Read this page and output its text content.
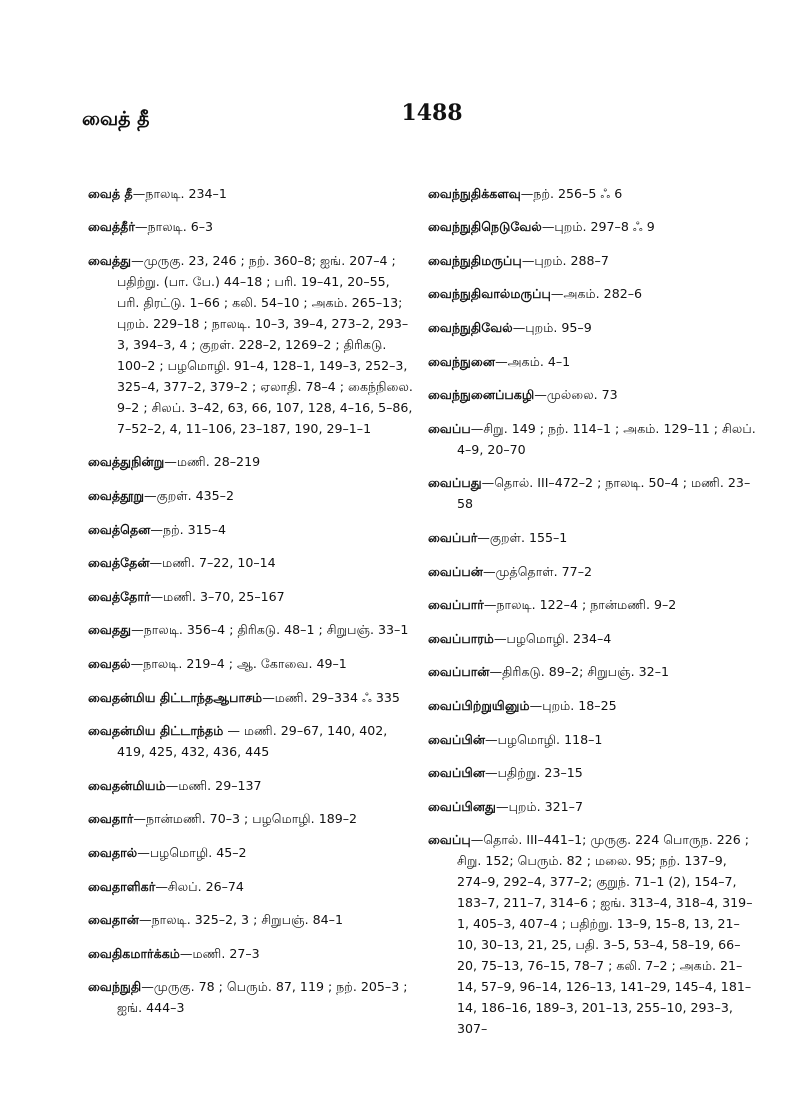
வைத் தீ	1488

வைத் தீ—நாலடி. 234–1

வைத்தீர்—நாலடி. 6–3

வைத்து—முருகு. 23, 246 ; நற். 360–8; ஐங். 207–4 ; பதிற்று. (பா. பே.) 44–18 ; பரி. 19–41, 20–55, பரி. திரட்டு. 1–66 ; கலி. 54–10 ; அகம். 265–13; புறம். 229–18 ; நாலடி. 10–3, 39–4, 273–2, 293–3, 394–3, 4 ; குறள். 228–2, 1269–2 ; திரிகடு. 100–2 ; பழமொழி. 91–4, 128–1, 149–3, 252–3, 325–4, 377–2, 379–2 ; ஏலாதி. 78–4 ; கைந்நிலை. 9–2 ; சிலப். 3–42, 63, 66, 107, 128, 4–16, 5–86, 7–52–2, 4, 11–106, 23–187, 190, 29–1–1

வைத்துநின்று—மணி. 28–219

வைத்தூறு—குறள். 435–2

வைத்தென—நற். 315–4

வைத்தேன்—மணி. 7–22, 10–14

வைத்தோர்—மணி. 3–70, 25–167

வைதது—நாலடி. 356–4 ; திரிகடு. 48–1 ; சிறுபஞ். 33–1

வைதல்—நாலடி. 219–4 ; ஆ. கோவை. 49–1

வைதன்மிய திட்டாந்தஆபாசம்—மணி. 29–334 ஃ 335

வைதன்மிய திட்டாந்தம் — மணி. 29–67, 140, 402, 419, 425, 432, 436, 445

வைதன்மியம்—மணி. 29–137

வைதார்—நான்மணி. 70–3 ; பழமொழி. 189–2

வைதால்—பழமொழி. 45–2

வைதாளிகர்—சிலப். 26–74

வைதான்—நாலடி. 325–2, 3 ; சிறுபஞ். 84–1

வைதிகமார்க்கம்—மணி. 27–3

வைந்நுதி—முருகு. 78 ; பெரும். 87, 119 ; நற். 205–3 ; ஐங். 444–3

வைந்நுதிக்களவு—நற். 256–5 ஃ 6

வைந்நுதிநெடுவேல்—புறம். 297–8 ஃ 9

வைந்நுதிமருப்பு—புறம். 288–7

வைந்நுதிவால்மருப்பு—அகம். 282–6

வைந்நுதிவேல்—புறம். 95–9

வைந்நுனை—அகம். 4–1

வைந்நுனைப்பகழி—முல்லை. 73

வைப்ப—சிறு. 149 ; நற். 114–1 ; அகம். 129–11 ; சிலப். 4–9, 20–70

வைப்பது—தொல். III–472–2 ; நாலடி. 50–4 ; மணி. 23–58

வைப்பர்—குறள். 155–1

வைப்பன்—முத்தொள். 77–2

வைப்பார்—நாலடி. 122–4 ; நான்மணி. 9–2

வைப்பாரம்—பழமொழி. 234–4

வைப்பான்—திரிகடு. 89–2; சிறுபஞ். 32–1

வைப்பிற்றுயினும்—புறம். 18–25

வைப்பின்—பழமொழி. 118–1

வைப்பின—பதிற்று. 23–15

வைப்பினது—புறம். 321–7

வைப்பு—தொல். III–441–1; முருகு. 224 பொருந. 226 ; சிறு. 152; பெரும். 82 ; மலை. 95; நற். 137–9, 274–9, 292–4, 377–2; குறுந். 71–1 (2), 154–7, 183–7, 211–7, 314–6 ; ஐங். 313–4, 318–4, 319–1, 405–3, 407–4 ; பதிற்று. 13–9, 15–8, 13, 21–10, 30–13, 21, 25, பதி. 3–5, 53–4, 58–19, 66–20, 75–13, 76–15, 78–7 ; கலி. 7–2 ; அகம். 21–14, 57–9, 96–14, 126–13, 141–29, 145–4, 181–14, 186–16, 189–3, 201–13, 255–10, 293–3, 307–
